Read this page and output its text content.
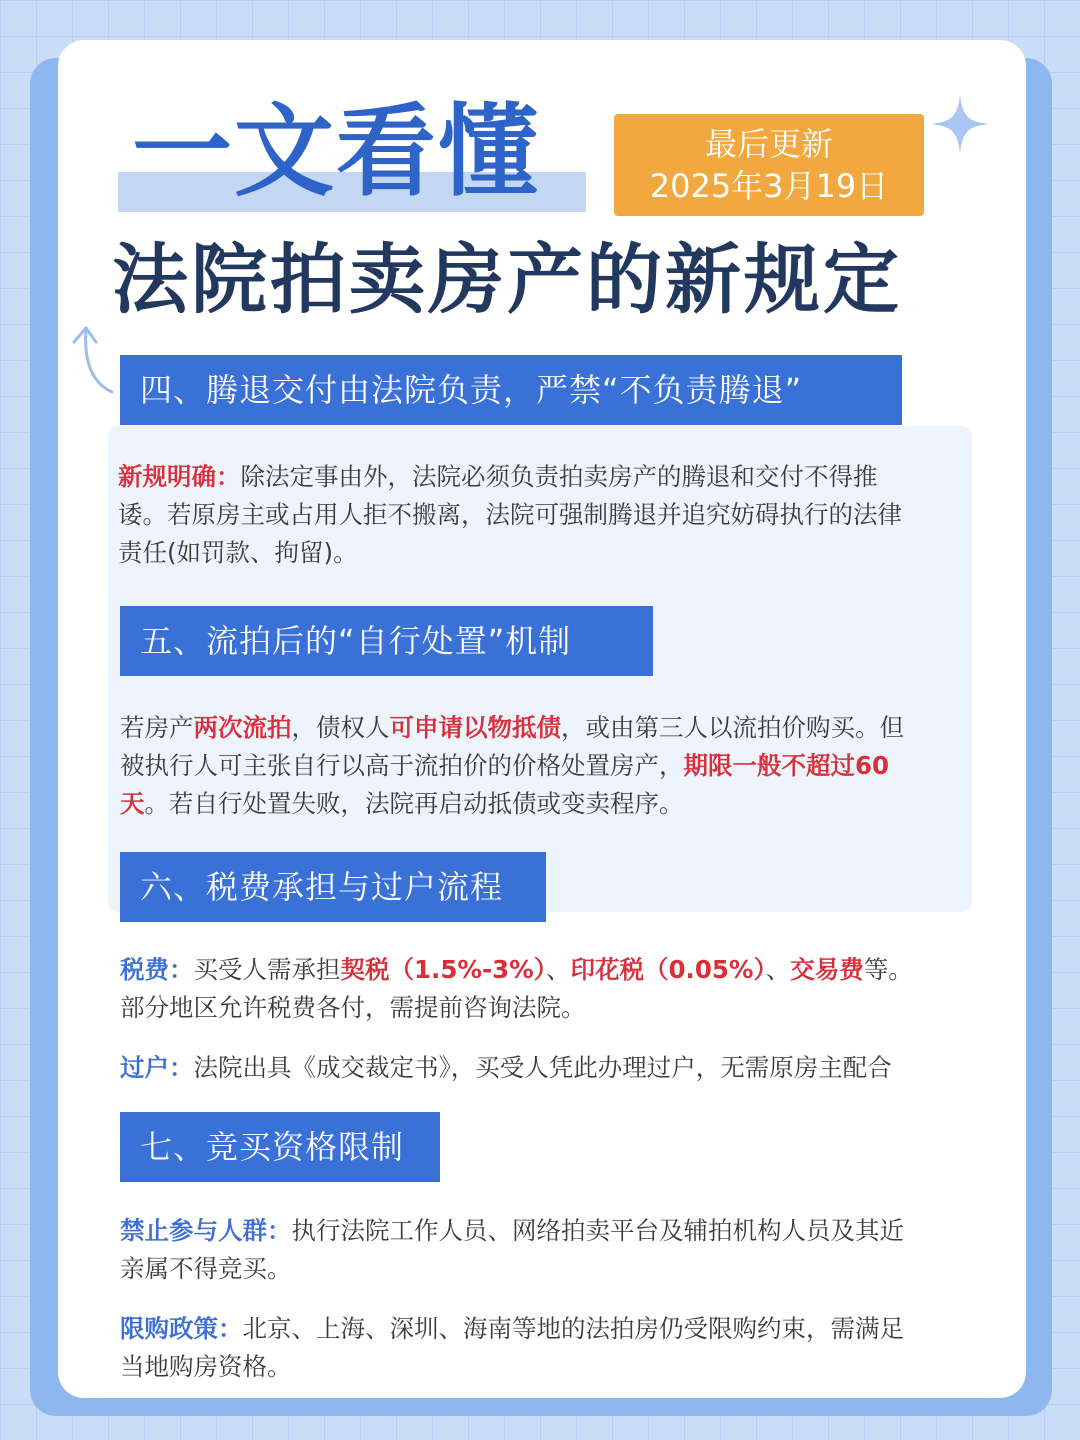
一文看懂	最后更新
2025年3月19日
法院拍卖房产的新规定
四、腾退交付由法院负责，严禁“不负责腾退”

新规明确：除法定事由外，法院必须负责拍卖房产的腾退和交付不得推
诿。若原房主或占用人拒不搬离，法院可强制腾退并追究妨碍执行的法律
责任(如罚款、拘留)。

五、流拍后的“自行处置”机制

若房产两次流拍，债权人可申请以物抵债，或由第三人以流拍价购买。但
被执行人可主张自行以高于流拍价的价格处置房产，期限一般不超过60
天。若自行处置失败，法院再启动抵债或变卖程序。

六、税费承担与过户流程

税费：买受人需承担契税（1.5%-3%）、印花税（0.05%）、交易费等。
部分地区允许税费各付，需提前咨询法院。

过户：法院出具《成交裁定书》，买受人凭此办理过户，无需原房主配合

七、竞买资格限制

禁止参与人群：执行法院工作人员、网络拍卖平台及辅拍机构人员及其近
亲属不得竞买。

限购政策：北京、上海、深圳、海南等地的法拍房仍受限购约束，需满足
当地购房资格。
